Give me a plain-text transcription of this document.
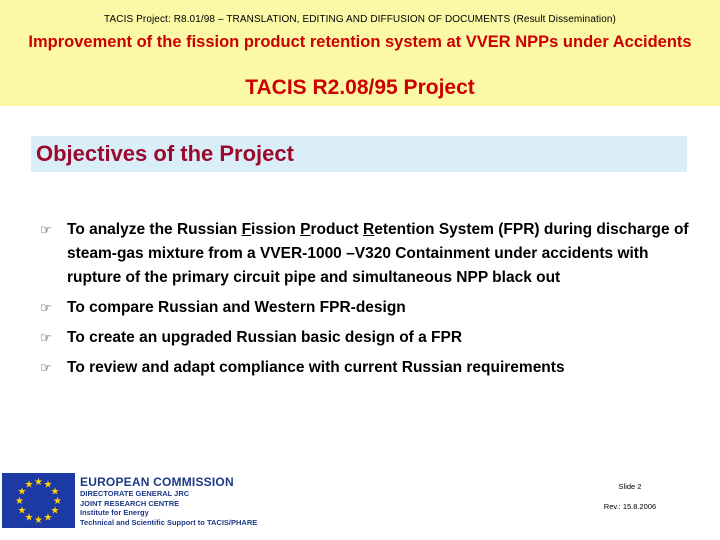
TACIS Project: R8.01/98 – TRANSLATION, EDITING AND DIFFUSION OF DOCUMENTS (Result Dissemination)
Improvement of the fission product retention system at VVER NPPs under Accidents
TACIS R2.08/95 Project
Objectives of the Project
☞ To analyze the Russian Fission Product Retention System (FPR) during discharge of steam-gas mixture from a VVER-1000 –V320 Containment under accidents with rupture of the primary circuit pipe and simultaneous NPP black out
☞ To compare Russian and Western FPR-design
☞ To create an upgraded Russian basic design of a FPR
☞ To review and adapt compliance with current Russian requirements
★ ★
★
★
★
★
★
★
★
★
★
★	EUROPEAN COMMISSION
DIRECTORATE GENERAL JRC
JOINT RESEARCH CENTRE
Institute for Energy
Technical and Scientific Support to TACIS/PHARE
Slide 2
Rev.: 15.8.2006
